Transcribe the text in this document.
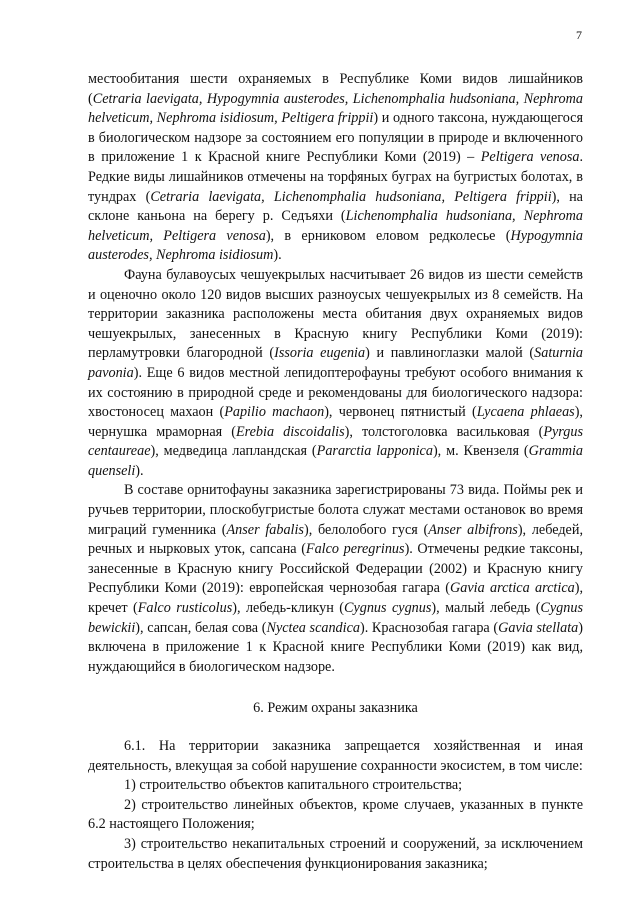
7

местообитания шести охраняемых в Республике Коми видов лишайников (Cetraria laevigata, Hypogymnia austerodes, Lichenomphalia hudsoniana, Nephroma helveticum, Nephroma isidiosum, Peltigera frippii) и одного таксона, нуждающегося в биологическом надзоре за состоянием его популяции в природе и включенного в приложение 1 к Красной книге Республики Коми (2019) – Peltigera venosa. Редкие виды лишайников отмечены на торфяных буграх на бугристых болотах, в тундрах (Cetraria laevigata, Lichenomphalia hudsoniana, Peltigera frippii), на склоне каньона на берегу р. Седъяхи (Lichenomphalia hudsoniana, Nephroma helveticum, Peltigera venosa), в ерниковом еловом редколесье (Hypogymnia austerodes, Nephroma isidiosum).

Фауна булавоусых чешуекрылых насчитывает 26 видов из шести семейств и оценочно около 120 видов высших разноусых чешуекрылых из 8 семейств. На территории заказника расположены места обитания двух охраняемых видов чешуекрылых, занесенных в Красную книгу Республики Коми (2019): перламутровки благородной (Issoria eugenia) и павлиноглазки малой (Saturnia pavonia). Еще 6 видов местной лепидоптерофауны требуют особого внимания к их состоянию в природной среде и рекомендованы для биологического надзора: хвостоносец махаон (Papilio machaon), червонец пятнистый (Lycaena phlaeas), чернушка мраморная (Erebia discoidalis), толстоголовка васильковая (Pyrgus centaureae), медведица лапландская (Pararctia lapponica), м. Квензеля (Grammia quenseli).

В составе орнитофауны заказника зарегистрированы 73 вида. Поймы рек и ручьев территории, плоскобугристые болота служат местами остановок во время миграций гуменника (Anser fabalis), белолобого гуся (Anser albifrons), лебедей, речных и нырковых уток, сапсана (Falco peregrinus). Отмечены редкие таксоны, занесенные в Красную книгу Российской Федерации (2002) и Красную книгу Республики Коми (2019): европейская чернозобая гагара (Gavia arctica arctica), кречет (Falco rusticolus), лебедь-кликун (Cygnus cygnus), малый лебедь (Cygnus bewickii), сапсан, белая сова (Nyctea scandica). Краснозобая гагара (Gavia stellata) включена в приложение 1 к Красной книге Республики Коми (2019) как вид, нуждающийся в биологическом надзоре.

6. Режим охраны заказника

6.1. На территории заказника запрещается хозяйственная и иная деятельность, влекущая за собой нарушение сохранности экосистем, в том числе:

1) строительство объектов капитального строительства;

2) строительство линейных объектов, кроме случаев, указанных в пункте 6.2 настоящего Положения;

3) строительство некапитальных строений и сооружений, за исключением строительства в целях обеспечения функционирования заказника;
